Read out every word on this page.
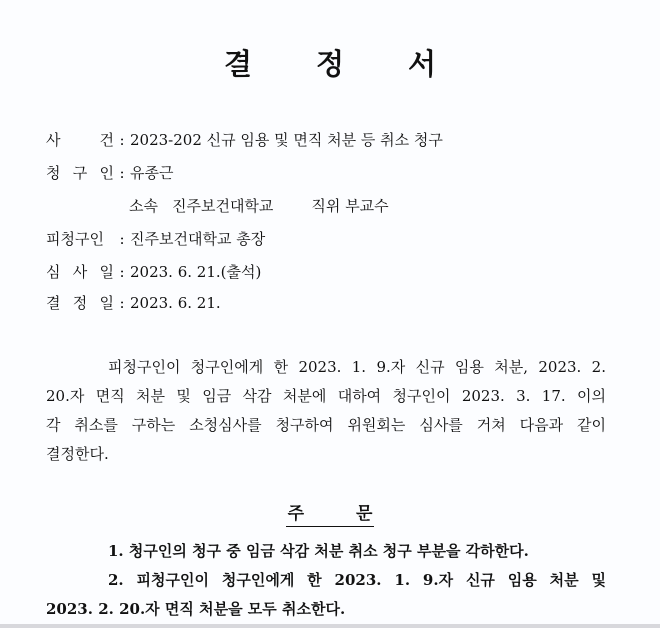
결 정 서
사 건 : 2023-202 신규 임용 및 면직 처분 등 취소 청구
청 구 인 : 유종근
소속 진주보건대학교	직위 부교수
피청구인 : 진주보건대학교 총장
심 사 일 : 2023. 6. 21.(출석)
결 정 일 : 2023. 6. 21.
피청구인이 청구인에게 한 2023. 1. 9.자 신규 임용 처분, 2023. 2.
20.자 면직 처분 및 임금 삭감 처분에 대하여 청구인이 2023. 3. 17. 이의
각 취소를 구하는 소청심사를 청구하여 위원회는 심사를 거쳐 다음과 같이
결정한다.
주	문
1. 청구인의 청구 중 임금 삭감 처분 취소 청구 부분을 각하한다.
2. 피청구인이 청구인에게 한 2023. 1. 9.자 신규 임용 처분 및
2023. 2. 20.자 면직 처분을 모두 취소한다.
